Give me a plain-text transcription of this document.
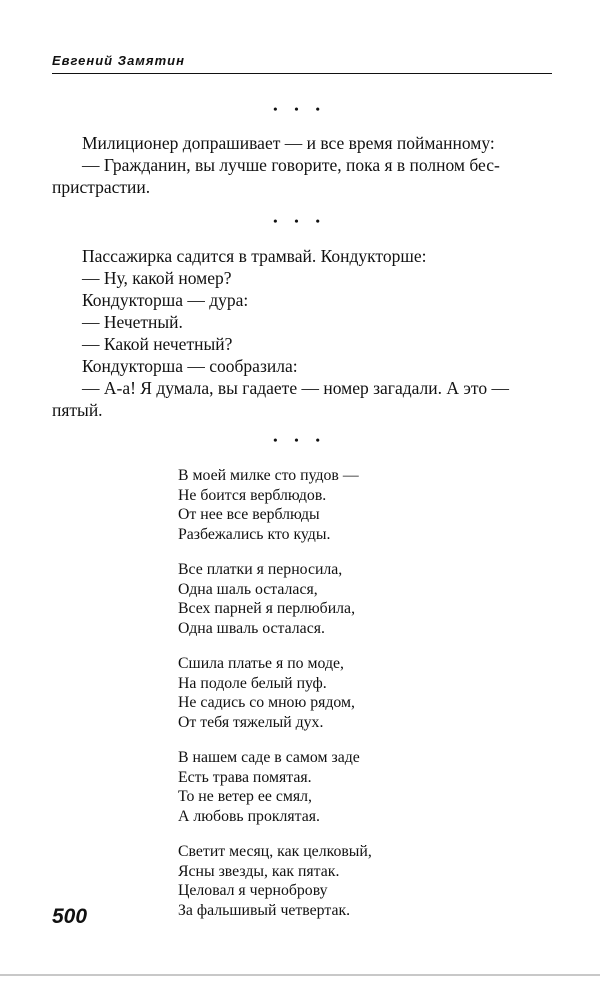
Евгений Замятин
• • •
Милиционер допрашивает — и все время пойманному:
— Гражданин, вы лучше говорите, пока я в полном бес-
пристрастии.
• • •
Пассажирка садится в трамвай. Кондукторше:
— Ну, какой номер?
Кондукторша — дура:
— Нечетный.
— Какой нечетный?
Кондукторша — сообразила:
— А-а! Я думала, вы гадаете — номер загадали. А это —
пятый.
• • •
В моей милке сто пудов —
Не боится верблюдов.
От нее все верблюды
Разбежались кто куды.
Все платки я перносила,
Одна шаль осталася,
Всех парней я перлюбила,
Одна шваль осталася.
Сшила платье я по моде,
На подоле белый пуф.
Не садись со мною рядом,
От тебя тяжелый дух.
В нашем саде в самом заде
Есть трава помятая.
То не ветер ее смял,
А любовь проклятая.
Светит месяц, как целковый,
Ясны звезды, как пятак.
Целовал я черноброву
За фальшивый четвертак.
500
